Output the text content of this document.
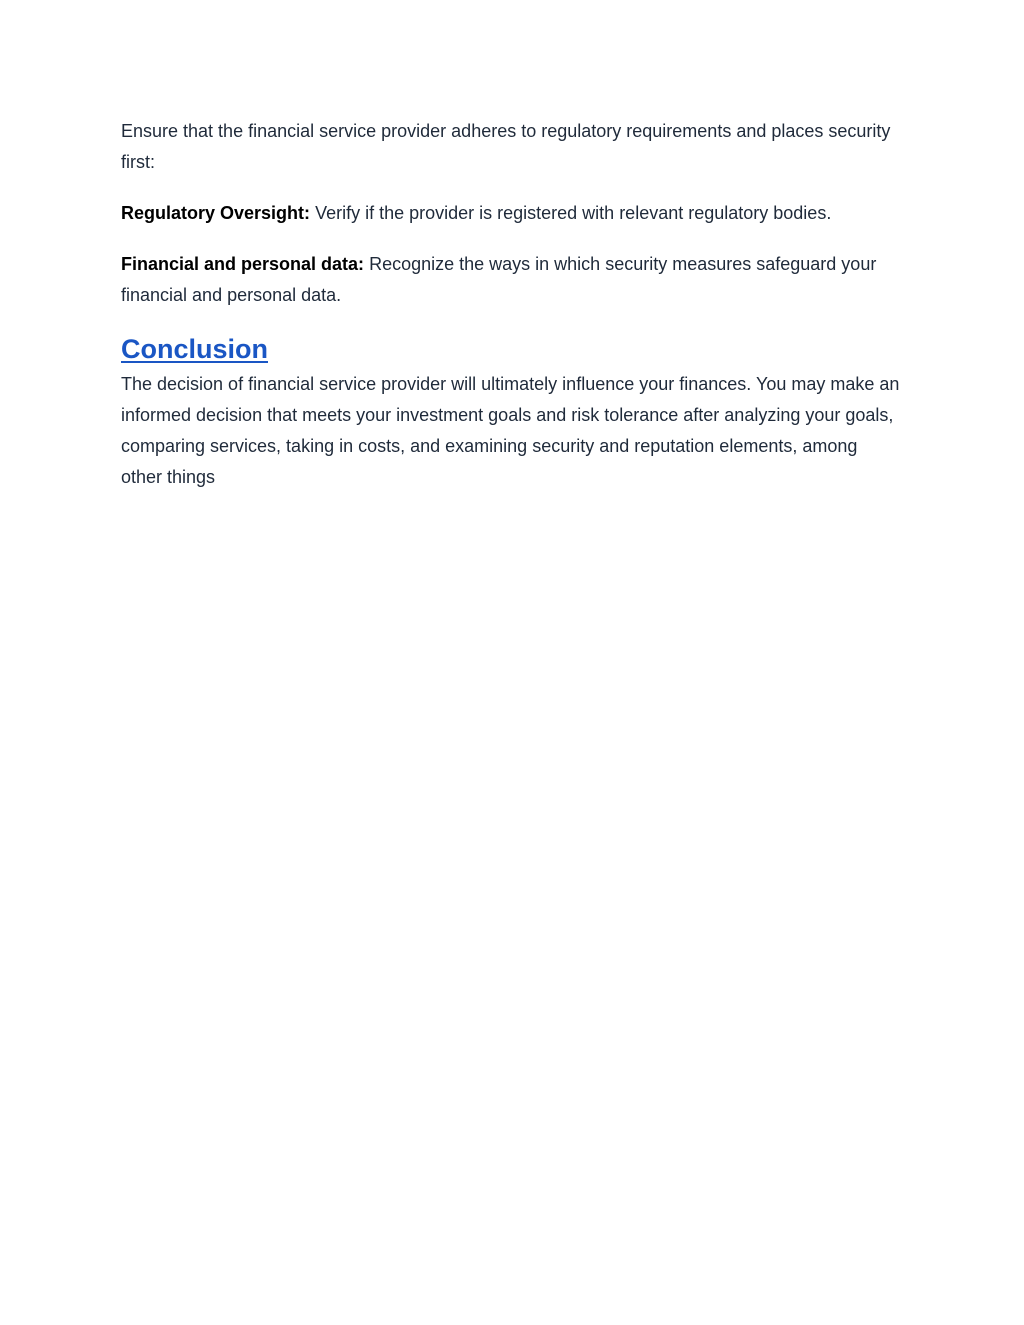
Ensure that the financial service provider adheres to regulatory requirements and places security first:

Regulatory Oversight: Verify if the provider is registered with relevant regulatory bodies.

Financial and personal data: Recognize the ways in which security measures safeguard your financial and personal data.

Conclusion

The decision of financial service provider will ultimately influence your finances. You may make an informed decision that meets your investment goals and risk tolerance after analyzing your goals, comparing services, taking in costs, and examining security and reputation elements, among other things
